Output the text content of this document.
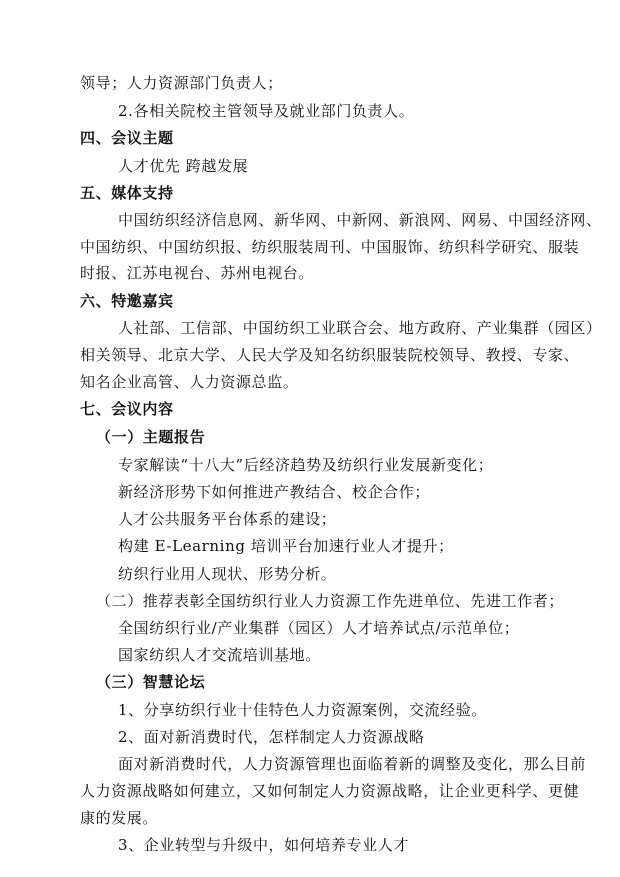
领导；人力资源部门负责人；
2.各相关院校主管领导及就业部门负责人。
四、会议主题
人才优先 跨越发展
五、媒体支持
中国纺织经济信息网、新华网、中新网、新浪网、网易、中国经济网、
中国纺织、中国纺织报、纺织服装周刊、中国服饰、纺织科学研究、服装
时报、江苏电视台、苏州电视台。
六、特邀嘉宾
人社部、工信部、中国纺织工业联合会、地方政府、产业集群（园区）
相关领导、北京大学、人民大学及知名纺织服装院校领导、教授、专家、
知名企业高管、人力资源总监。
七、会议内容
（一）主题报告
专家解读“十八大”后经济趋势及纺织行业发展新变化；
新经济形势下如何推进产教结合、校企合作；
人才公共服务平台体系的建设；
构建 E-Learning 培训平台加速行业人才提升；
纺织行业用人现状、形势分析。
（二）推荐表彰全国纺织行业人力资源工作先进单位、先进工作者；
全国纺织行业/产业集群（园区）人才培养试点/示范单位；
国家纺织人才交流培训基地。
（三）智慧论坛
1、分享纺织行业十佳特色人力资源案例，交流经验。
2、面对新消费时代，怎样制定人力资源战略
面对新消费时代，人力资源管理也面临着新的调整及变化，那么目前
人力资源战略如何建立，又如何制定人力资源战略，让企业更科学、更健
康的发展。
3、企业转型与升级中，如何培养专业人才
